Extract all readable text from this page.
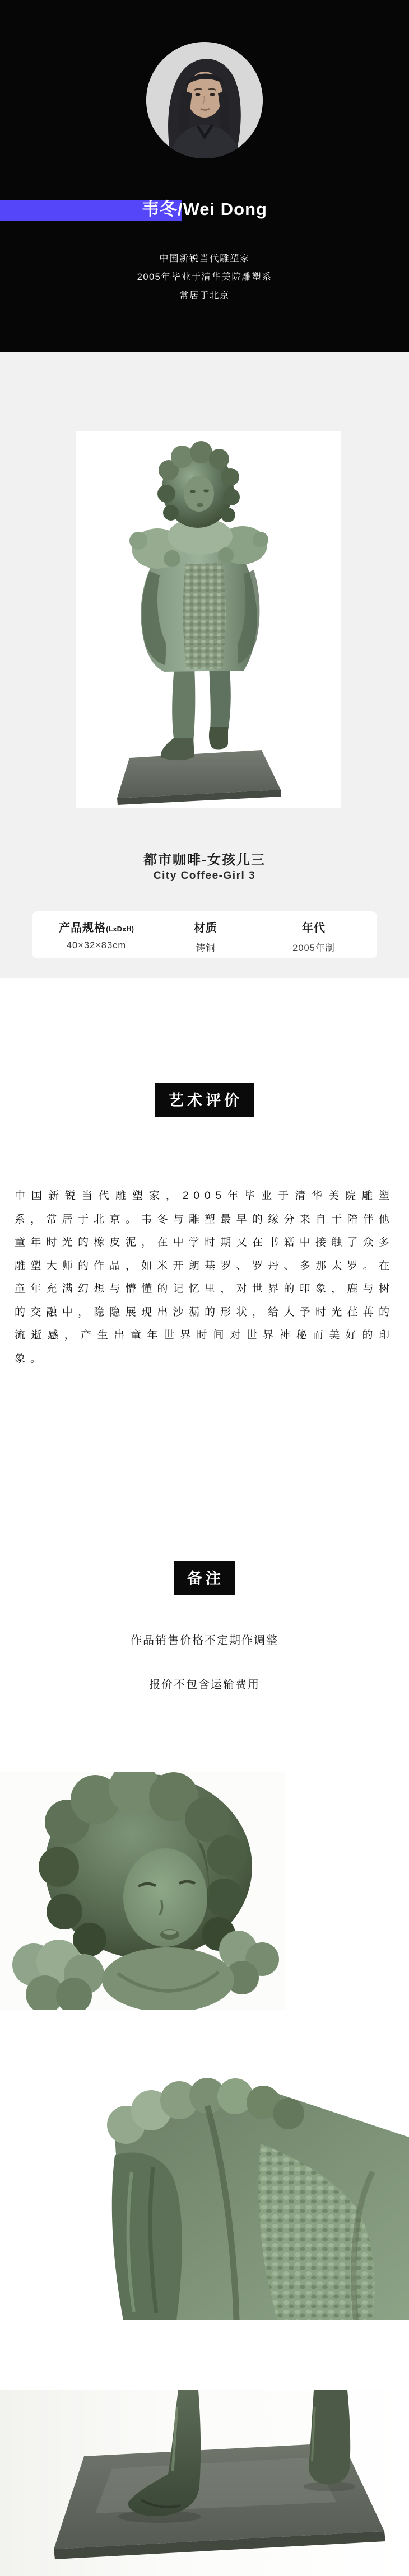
韦冬/Wei Dong
中国新锐当代雕塑家
2005年毕业于清华美院雕塑系
常居于北京
都市咖啡-女孩儿三
City Coffee-Girl 3
产品规格(LxDxH)
40×32×83cm
材质
铸铜
年代
2005年制
艺术评价
中国新锐当代雕塑家，2005年毕业于清华美院雕塑系，常居于北京。韦冬与雕塑最早的缘分来自于陪伴他童年时光的橡皮泥，在中学时期又在书籍中接触了众多雕塑大师的作品，如米开朗基罗、罗丹、多那太罗。在童年充满幻想与懵懂的记忆里，对世界的印象，鹿与树的交融中，隐隐展现出沙漏的形状，给人予时光荏苒的流逝感，产生出童年世界时间对世界神秘而美好的印象。
备注
作品销售价格不定期作调整
报价不包含运输费用
